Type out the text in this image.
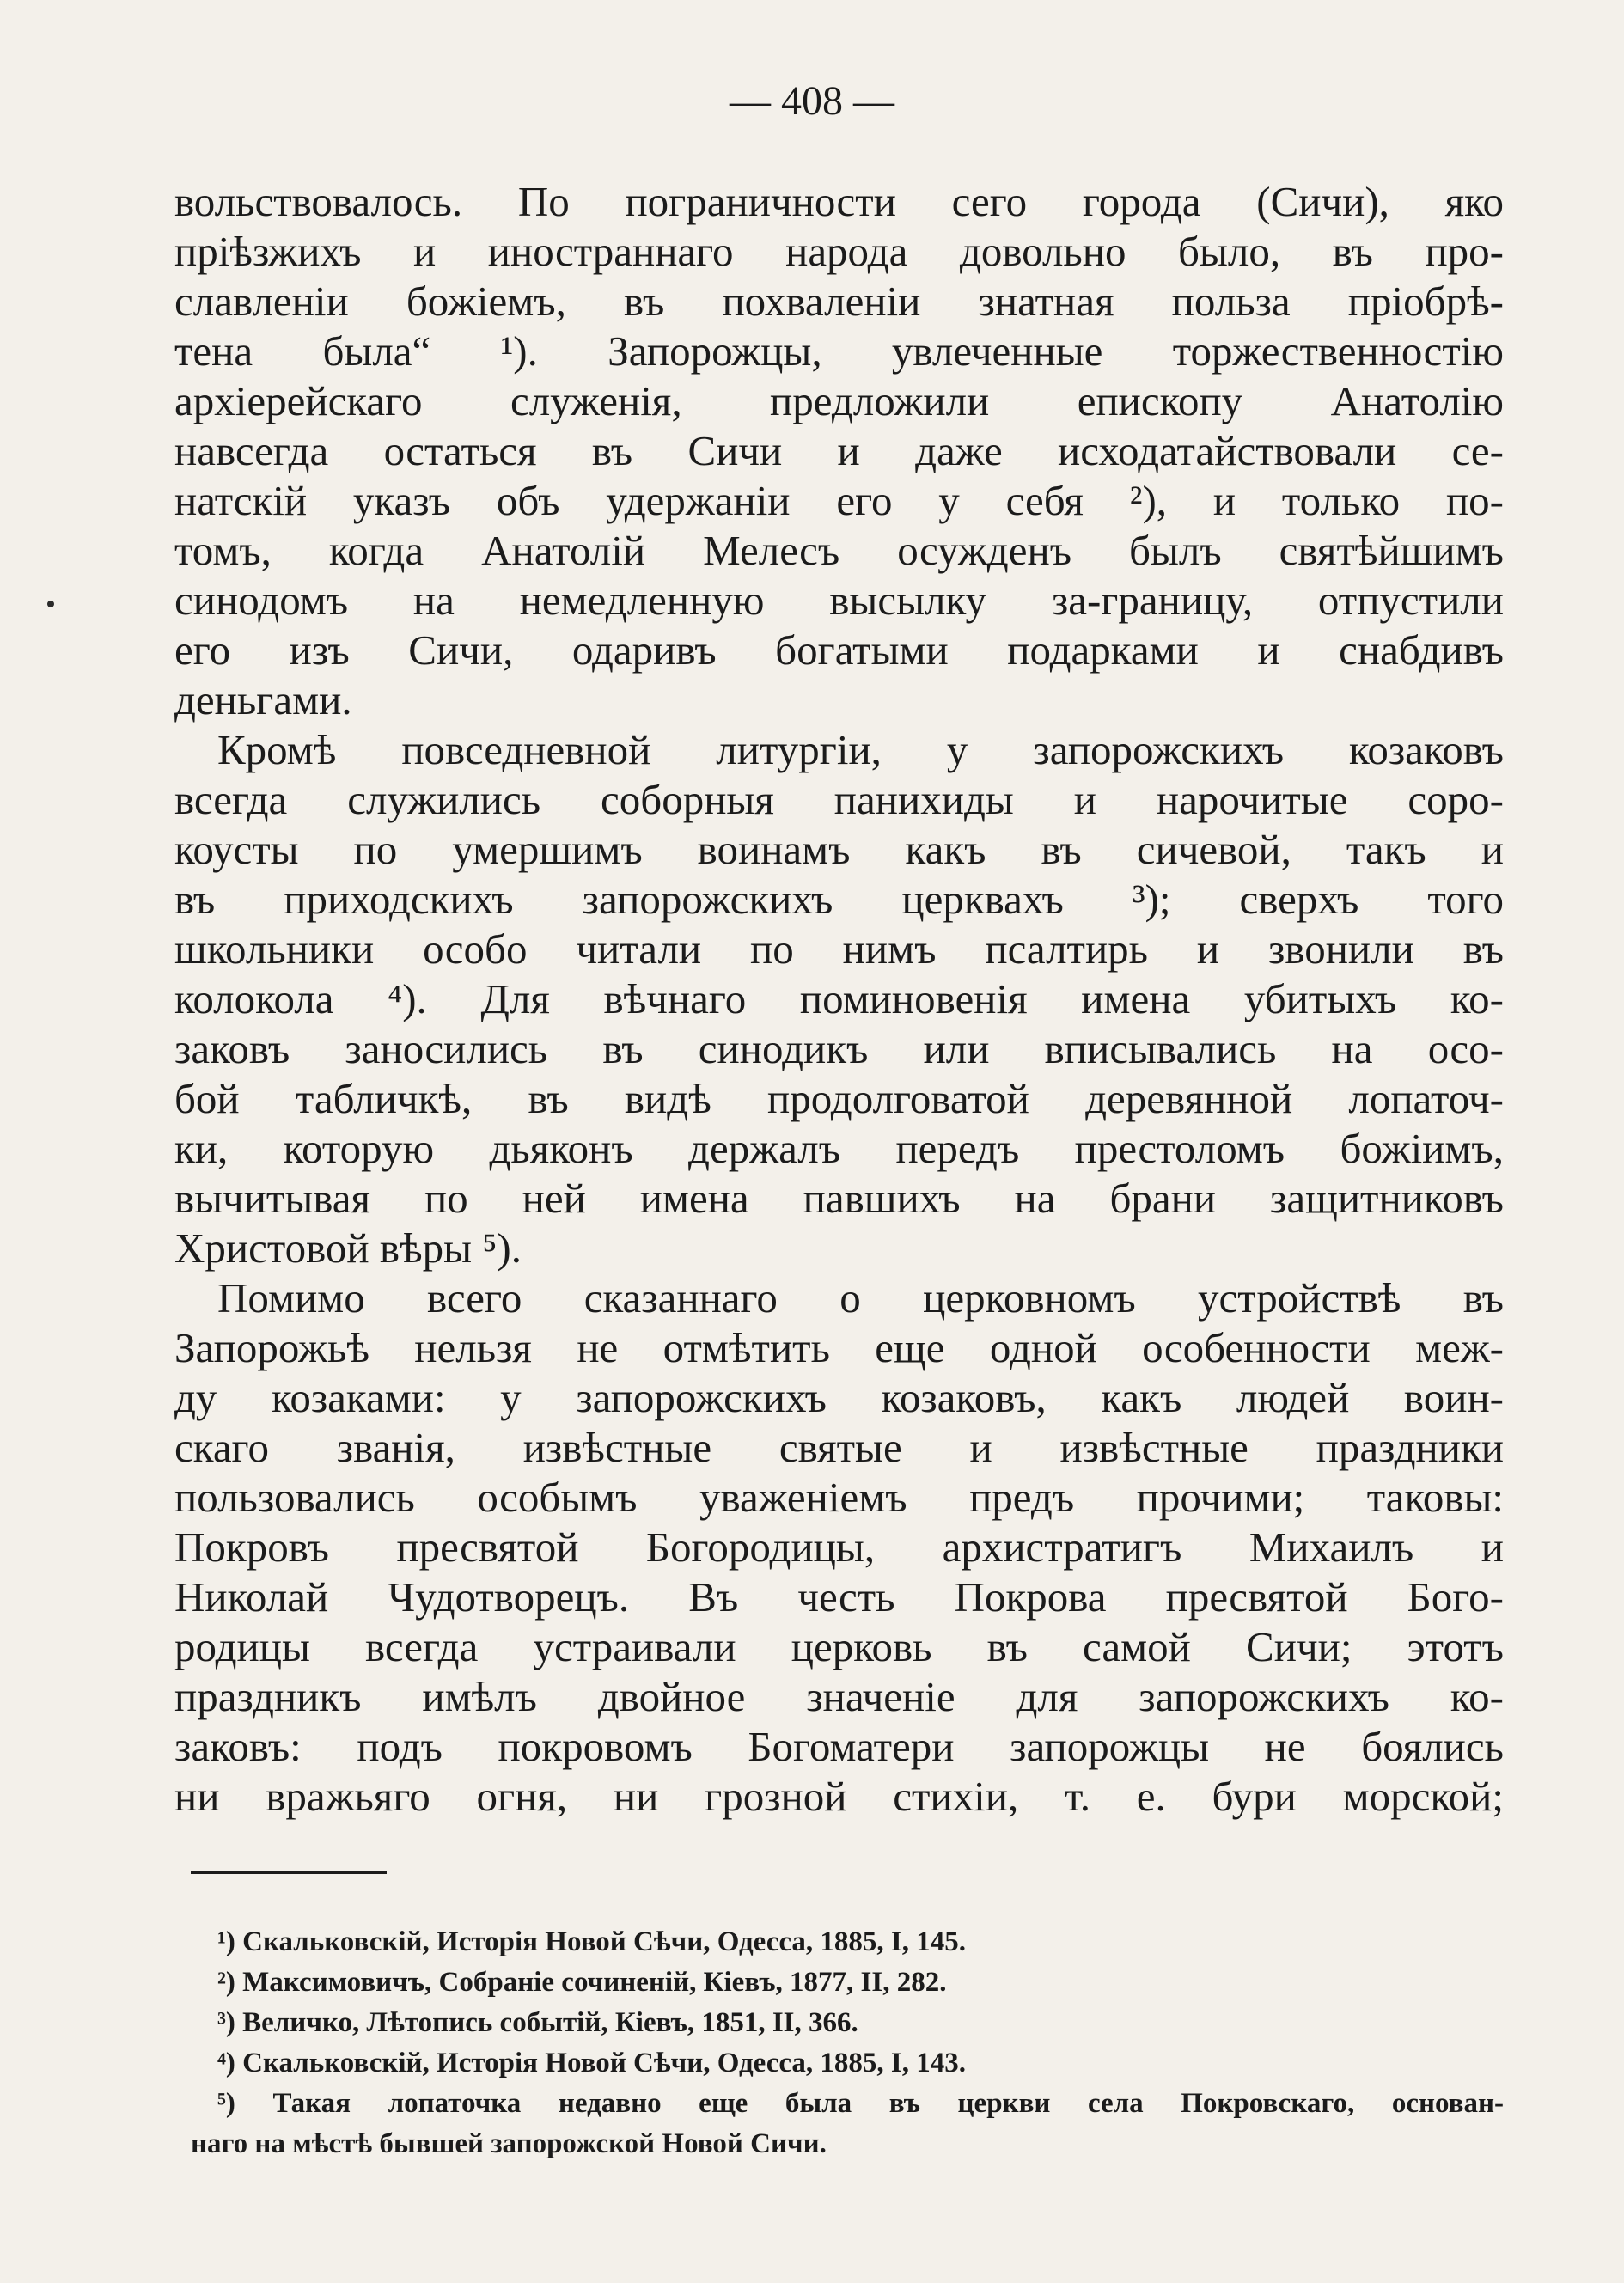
— 408 —
вольствовалось. По пограничности сего города (Сичи), яко
пріѣзжихъ и иностраннаго народа довольно было, въ про-
славленіи божіемъ, въ похваленіи знатная польза пріобрѣ-
тена была“ ¹). Запорожцы, увлеченные торжественностію
архіерейскаго служенія, предложили епископу Анатолію
навсегда остаться въ Сичи и даже исходатайствовали се-
натскій указъ объ удержаніи его у себя ²), и только по-
томъ, когда Анатолій Мелесъ осужденъ былъ святѣйшимъ
синодомъ на немедленную высылку за-границу, отпустили
его изъ Сичи, одаривъ богатыми подарками и снабдивъ
деньгами.
Кромѣ повседневной литургіи, у запорожскихъ козаковъ
всегда служились соборныя панихиды и нарочитые соро-
коусты по умершимъ воинамъ какъ въ сичевой, такъ и
въ приходскихъ запорожскихъ церквахъ ³); сверхъ того
школьники особо читали по нимъ псалтирь и звонили въ
колокола ⁴). Для вѣчнаго поминовенія имена убитыхъ ко-
заковъ заносились въ синодикъ или вписывались на осо-
бой табличкѣ, въ видѣ продолговатой деревянной лопаточ-
ки, которую дьяконъ держалъ передъ престоломъ божіимъ,
вычитывая по ней имена павшихъ на брани защитниковъ
Христовой вѣры ⁵).
Помимо всего сказаннаго о церковномъ устройствѣ въ
Запорожьѣ нельзя не отмѣтить еще одной особенности меж-
ду козаками: у запорожскихъ козаковъ, какъ людей воин-
скаго званія, извѣстные святые и извѣстные праздники
пользовались особымъ уваженіемъ предъ прочими; таковы:
Покровъ пресвятой Богородицы, архистратигъ Михаилъ и
Николай Чудотворецъ. Въ честь Покрова пресвятой Бого-
родицы всегда устраивали церковь въ самой Сичи; этотъ
праздникъ имѣлъ двойное значеніе для запорожскихъ ко-
заковъ: подъ покровомъ Богоматери запорожцы не боялись
ни вражьяго огня, ни грозной стихіи, т. е. бури морской;
¹) Скальковскій, Исторія Новой Сѣчи, Одесса, 1885, I, 145.
²) Максимовичъ, Собраніе сочиненій, Кіевъ, 1877, II, 282.
³) Величко, Лѣтопись событій, Кіевъ, 1851, II, 366.
⁴) Скальковскій, Исторія Новой Сѣчи, Одесса, 1885, I, 143.
⁵) Такая лопаточка недавно еще была въ церкви села Покровскаго, основан-
наго на мѣстѣ бывшей запорожской Новой Сичи.
